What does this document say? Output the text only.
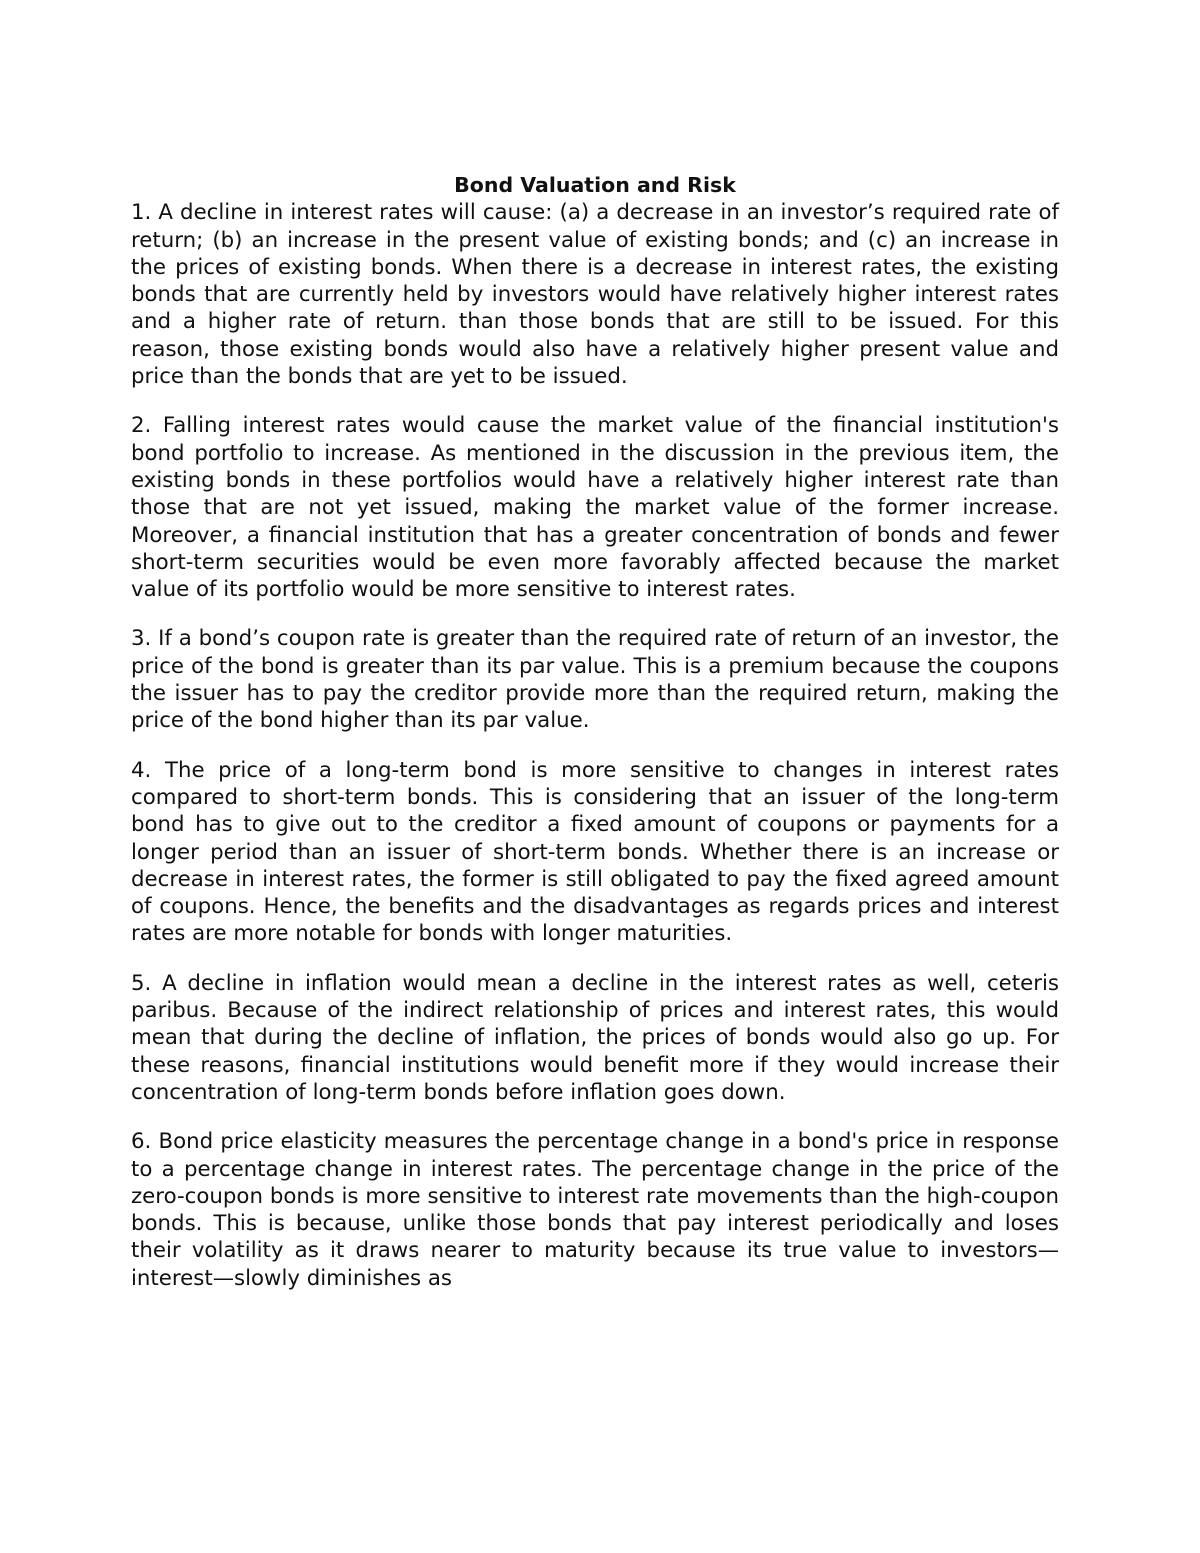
Bond Valuation and Risk

1. A decline in interest rates will cause: (a) a decrease in an investor’s required rate of return; (b) an increase in the present value of existing bonds; and (c) an increase in the prices of existing bonds. When there is a decrease in interest rates, the existing bonds that are currently held by investors would have relatively higher interest rates and a higher rate of return. than those bonds that are still to be issued. For this reason, those existing bonds would also have a relatively higher present value and price than the bonds that are yet to be issued.

2. Falling interest rates would cause the market value of the financial institution's bond portfolio to increase. As mentioned in the discussion in the previous item, the existing bonds in these portfolios would have a relatively higher interest rate than those that are not yet issued, making the market value of the former increase. Moreover, a financial institution that has a greater concentration of bonds and fewer short-term securities would be even more favorably affected because the market value of its portfolio would be more sensitive to interest rates.

3. If a bond’s coupon rate is greater than the required rate of return of an investor, the price of the bond is greater than its par value. This is a premium because the coupons the issuer has to pay the creditor provide more than the required return, making the price of the bond higher than its par value.

4. The price of a long-term bond is more sensitive to changes in interest rates compared to short-term bonds. This is considering that an issuer of the long-term bond has to give out to the creditor a fixed amount of coupons or payments for a longer period than an issuer of short-term bonds. Whether there is an increase or decrease in interest rates, the former is still obligated to pay the fixed agreed amount of coupons. Hence, the benefits and the disadvantages as regards prices and interest rates are more notable for bonds with longer maturities.

5. A decline in inflation would mean a decline in the interest rates as well, ceteris paribus. Because of the indirect relationship of prices and interest rates, this would mean that during the decline of inflation, the prices of bonds would also go up. For these reasons, financial institutions would benefit more if they would increase their concentration of long-term bonds before inflation goes down.

6. Bond price elasticity measures the percentage change in a bond's price in response to a percentage change in interest rates. The percentage change in the price of the zero-coupon bonds is more sensitive to interest rate movements than the high-coupon bonds. This is because, unlike those bonds that pay interest periodically and loses their volatility as it draws nearer to maturity because its true value to investors—interest—slowly diminishes as
